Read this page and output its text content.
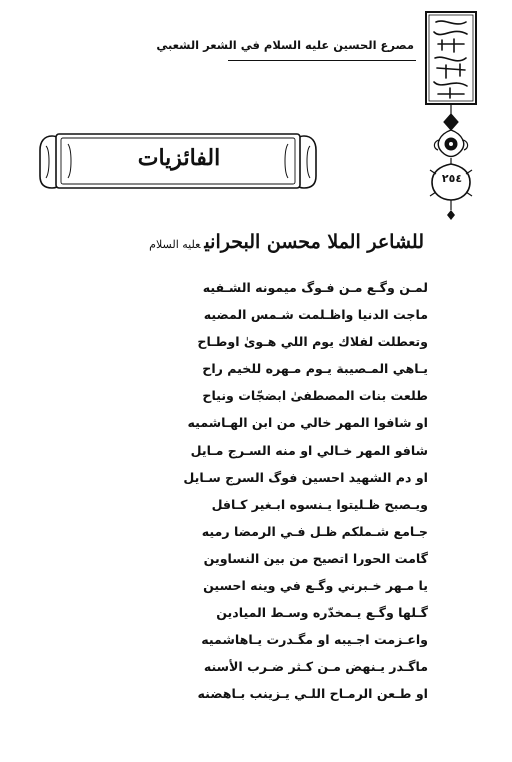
مصرع الحسين عليه السلام في الشعر الشعبي
٢٥٤
الفائزيات
للشاعر الملا محسن البحرانيعليه السلام
لمـن وگـع مـن فـوگ ميمونه الشـفيه
ماجت الدنيا واظـلمت شـمس المضيه
وتعطلت لفلاك يوم اللي هـوىٰ اوطـاح
يـاهي المـصيبة يـوم مـهره للخيم راح
طلعت بنات المصطفىٰ ابضجّات ونياح
او شافوا المهر خالي من ابن الهـاشميه
شافو المهر خـالي او منه السـرج مـايل
او دم الشهيد احسين فوگ السرج سـايل
ويـصبح ظـليتوا يـنسوه ابـغير كـافل
جـامع شـملكم ظـل فـي الرمضا رميه
گامت الحورا اتصيح من بين النساوين
يا مـهر خـبرني وگـع في وينه احسين
گـلها وگـع يـمخدّره وسـط الميادين
واعـزمت اجـيبه او مگـدرت يـاهاشميه
ماگـدر يـنهض مـن كـثر ضـرب الأسنه
او طـعن الرمـاح اللـي يـزينب بـاهضنه
